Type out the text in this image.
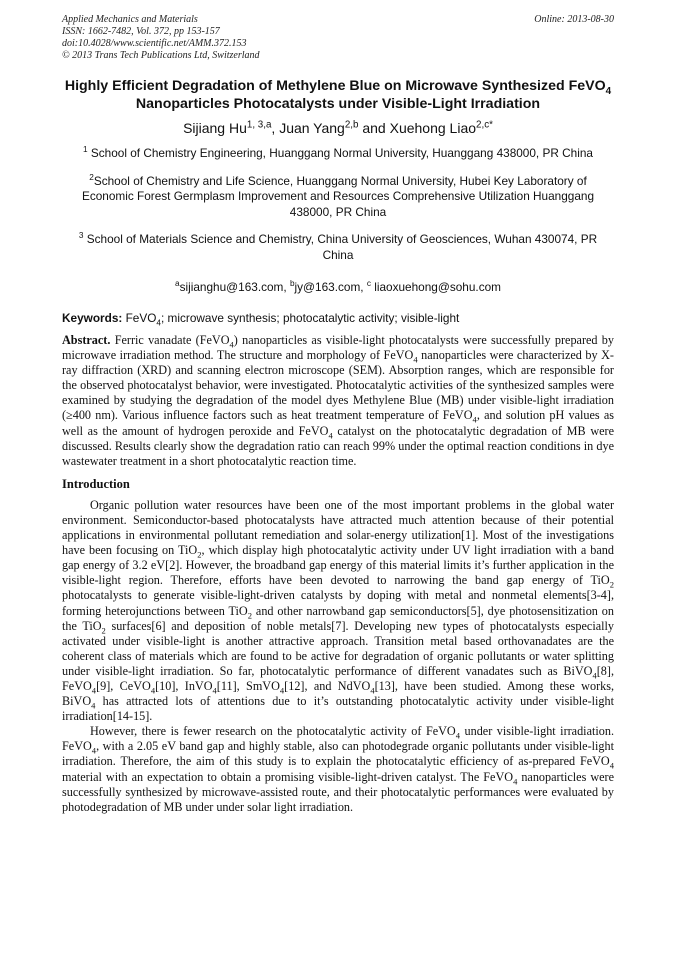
Applied Mechanics and Materials
ISSN: 1662-7482, Vol. 372, pp 153-157
doi:10.4028/www.scientific.net/AMM.372.153
© 2013 Trans Tech Publications Ltd, Switzerland
Online: 2013-08-30
Highly Efficient Degradation of Methylene Blue on Microwave Synthesized FeVO$_4$ Nanoparticles Photocatalysts under Visible-Light Irradiation
Sijiang Hu$^{1, 3,a}$, Juan Yang$^{2,b}$ and Xuehong Liao$^{2,c*}$
$^1$ School of Chemistry Engineering, Huanggang Normal University, Huanggang 438000, PR China
$^2$School of Chemistry and Life Science, Huanggang Normal University, Hubei Key Laboratory of Economic Forest Germplasm Improvement and Resources Comprehensive Utilization Huanggang 438000, PR China
$^3$ School of Materials Science and Chemistry, China University of Geosciences, Wuhan 430074, PR China
$^a$sijianghu@163.com, $^b$jy@163.com, $^c$ liaoxuehong@sohu.com
Keywords: FeVO$_4$; microwave synthesis; photocatalytic activity; visible-light
Abstract. Ferric vanadate (FeVO$_4$) nanoparticles as visible-light photocatalysts were successfully prepared by microwave irradiation method. The structure and morphology of FeVO$_4$ nanoparticles were characterized by X-ray diffraction (XRD) and scanning electron microscope (SEM). Absorption ranges, which are responsible for the observed photocatalyst behavior, were investigated. Photocatalytic activities of the synthesized samples were examined by studying the degradation of the model dyes Methylene Blue (MB) under visible-light irradiation (≥400 nm). Various influence factors such as heat treatment temperature of FeVO$_4$, and solution pH values as well as the amount of hydrogen peroxide and FeVO$_4$ catalyst on the photocatalytic degradation of MB were discussed. Results clearly show the degradation ratio can reach 99% under the optimal reaction conditions in dye wastewater treatment in a short photocatalytic reaction time.
Introduction
Organic pollution water resources have been one of the most important problems in the global water environment. Semiconductor-based photocatalysts have attracted much attention because of their potential applications in environmental pollutant remediation and solar-energy utilization[1]. Most of the investigations have been focusing on TiO$_2$, which display high photocatalytic activity under UV light irradiation with a band gap energy of 3.2 eV[2]. However, the broadband gap energy of this material limits it’s further application in the visible-light region. Therefore, efforts have been devoted to narrowing the band gap energy of TiO$_2$ photocatalysts to generate visible-light-driven catalysts by doping with metal and nonmetal elements[3-4], forming heterojunctions between TiO$_2$ and other narrowband gap semiconductors[5], dye photosensitization on the TiO$_2$ surfaces[6] and deposition of noble metals[7]. Developing new types of photocatalysts especially activated under visible-light is another attractive approach. Transition metal based orthovanadates are the coherent class of materials which are found to be active for degradation of organic pollutants or water splitting under visible-light irradiation. So far, photocatalytic performance of different vanadates such as BiVO$_4$[8], FeVO$_4$[9], CeVO$_4$[10], InVO$_4$[11], SmVO$_4$[12], and NdVO$_4$[13], have been studied. Among these works, BiVO$_4$ has attracted lots of attentions due to it’s outstanding photocatalytic activity under visible-light irradiation[14-15].
However, there is fewer research on the photocatalytic activity of FeVO$_4$ under visible-light irradiation. FeVO$_4$, with a 2.05 eV band gap and highly stable, also can photodegrade organic pollutants under visible-light irradiation. Therefore, the aim of this study is to explain the photocatalytic efficiency of as-prepared FeVO$_4$ material with an expectation to obtain a promising visible-light-driven catalyst. The FeVO$_4$ nanoparticles were successfully synthesized by microwave-assisted route, and their photocatalytic performances were evaluated by photodegradation of MB under under solar light irradiation.
